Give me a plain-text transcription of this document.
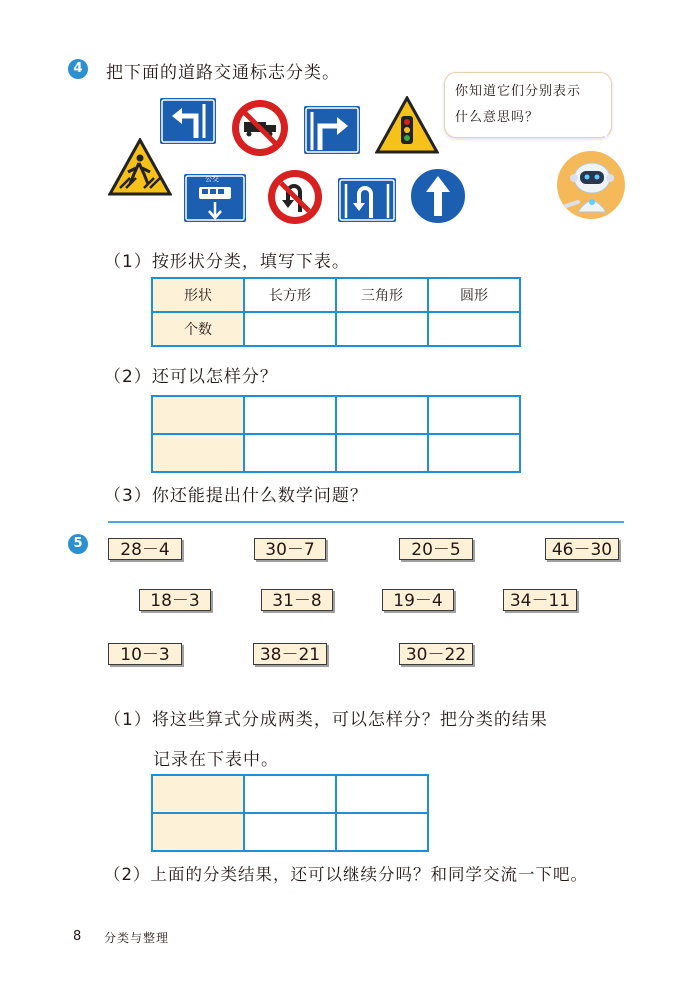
4	把下面的道路交通标志分类。
公交
你知道它们分别表示
什么意思吗？
（1）按形状分类，填写下表。
形状	长方形	三角形	圆形
个数			
（2）还可以怎样分？

（3）你还能提出什么数学问题？
5	28－4	30－7	20－5	46－30
18－3	31－8	19－4	34－11
10－3	38－21	30－22
（1）将这些算式分成两类，可以怎样分？把分类的结果
记录在下表中。

（2）上面的分类结果，还可以继续分吗？和同学交流一下吧。
8 分类与整理
